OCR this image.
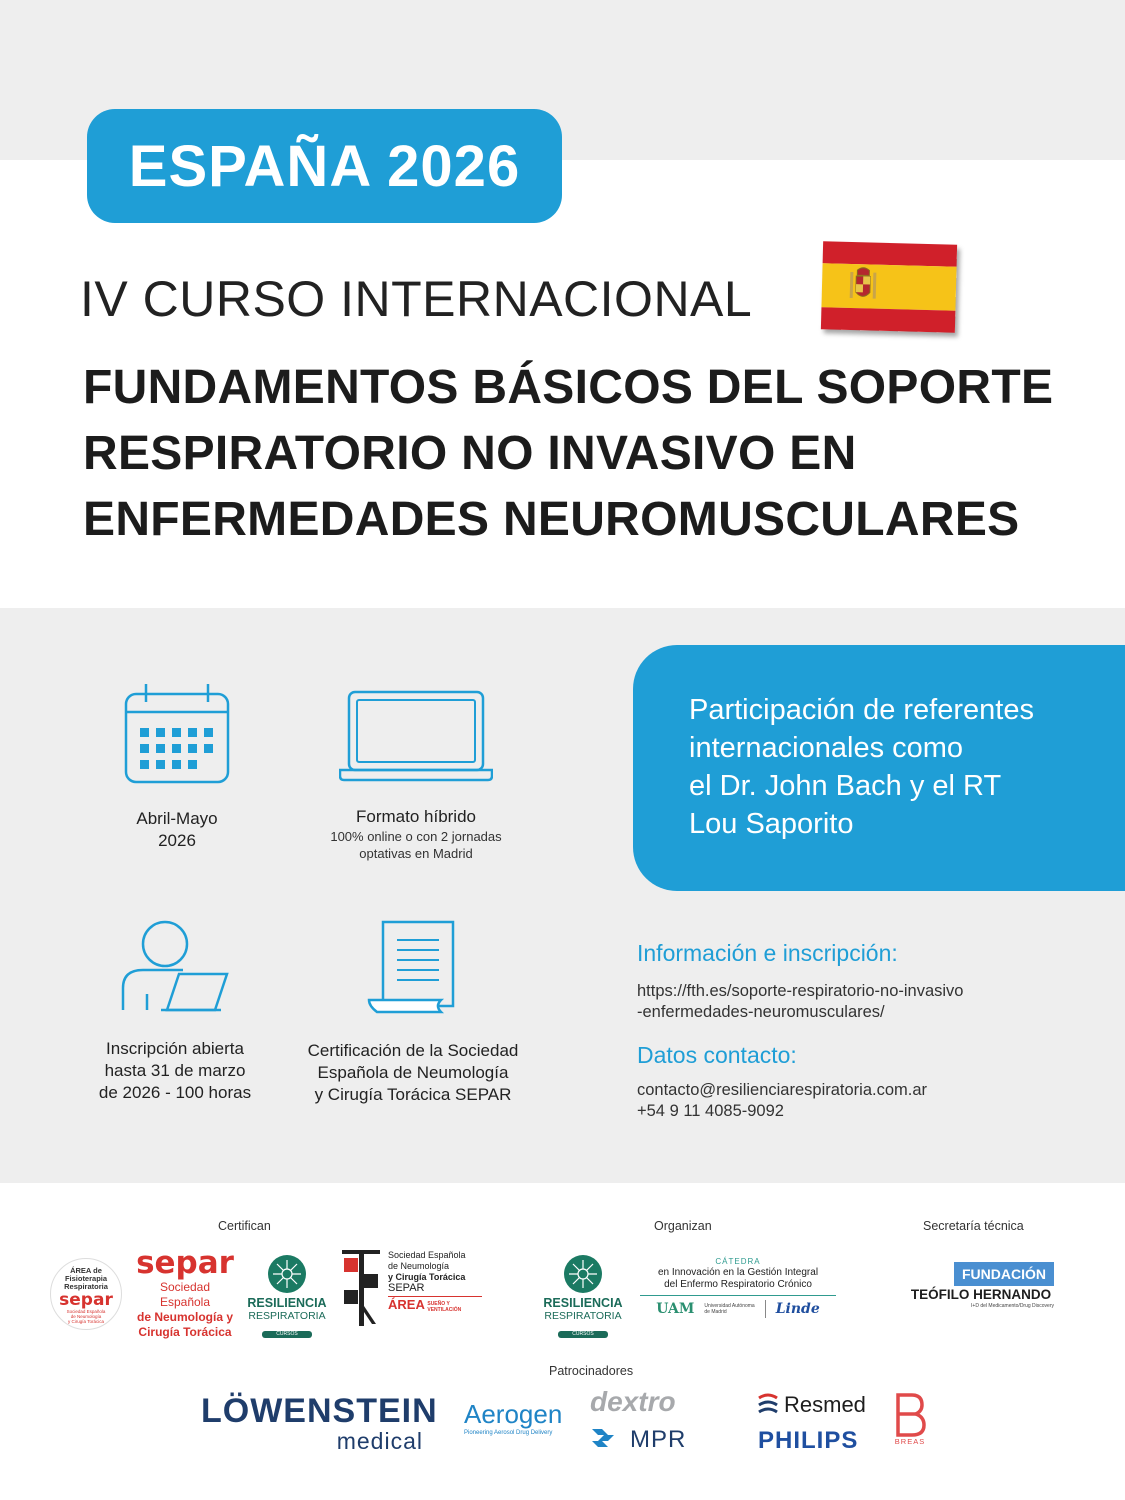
ESPAÑA 2026
IV CURSO INTERNACIONAL
FUNDAMENTOS BÁSICOS DEL SOPORTE
RESPIRATORIO NO INVASIVO EN
ENFERMEDADES NEUROMUSCULARES
Abril-Mayo
2026
Formato híbrido
100% online o con 2 jornadas
optativas en Madrid
Inscripción abierta
hasta 31 de marzo
de 2026 - 100 horas
Certificación de la Sociedad
Española de Neumología
y Cirugía Torácica SEPAR
Participación de referentes
internacionales como
el Dr. John Bach y el RT
Lou Saporito
Información e inscripción:
https://fth.es/soporte-respiratorio-no-invasivo
-enfermedades-neuromusculares/
Datos contacto:
contacto@resilienciarespiratoria.com.ar
+54 9 11 4085-9092
Certifican	Organizan	Secretaría técnica
Patrocinadores
ÁREA de
Fisioterapia
Respiratoria
separ
Sociedad Española
de Neumología
y Cirugía Torácica
separ
Sociedad Española
de Neumología y
Cirugía Torácica
RESILIENCIA
RESPIRATORIA
CURSOS
Sociedad Española
de Neumología
y Cirugía Torácica
SEPAR
ÁREA SUEÑO Y
VENTILACIÓN	RESILIENCIA
RESPIRATORIA
CURSOS
CÁTEDRA
en Innovación en la Gestión Integral
del Enfermo Respiratorio Crónico
UAM Universidad Autónoma
de Madrid	Linde
FUNDACIÓN
TEÓFILO HERNANDO
I+D del Medicamento/Drug Discovery
LÖWENSTEIN
medical
Aerogen
Pioneering Aerosol Drug Delivery
dextro
MPR
Resmed
PHILIPS	BREAS
